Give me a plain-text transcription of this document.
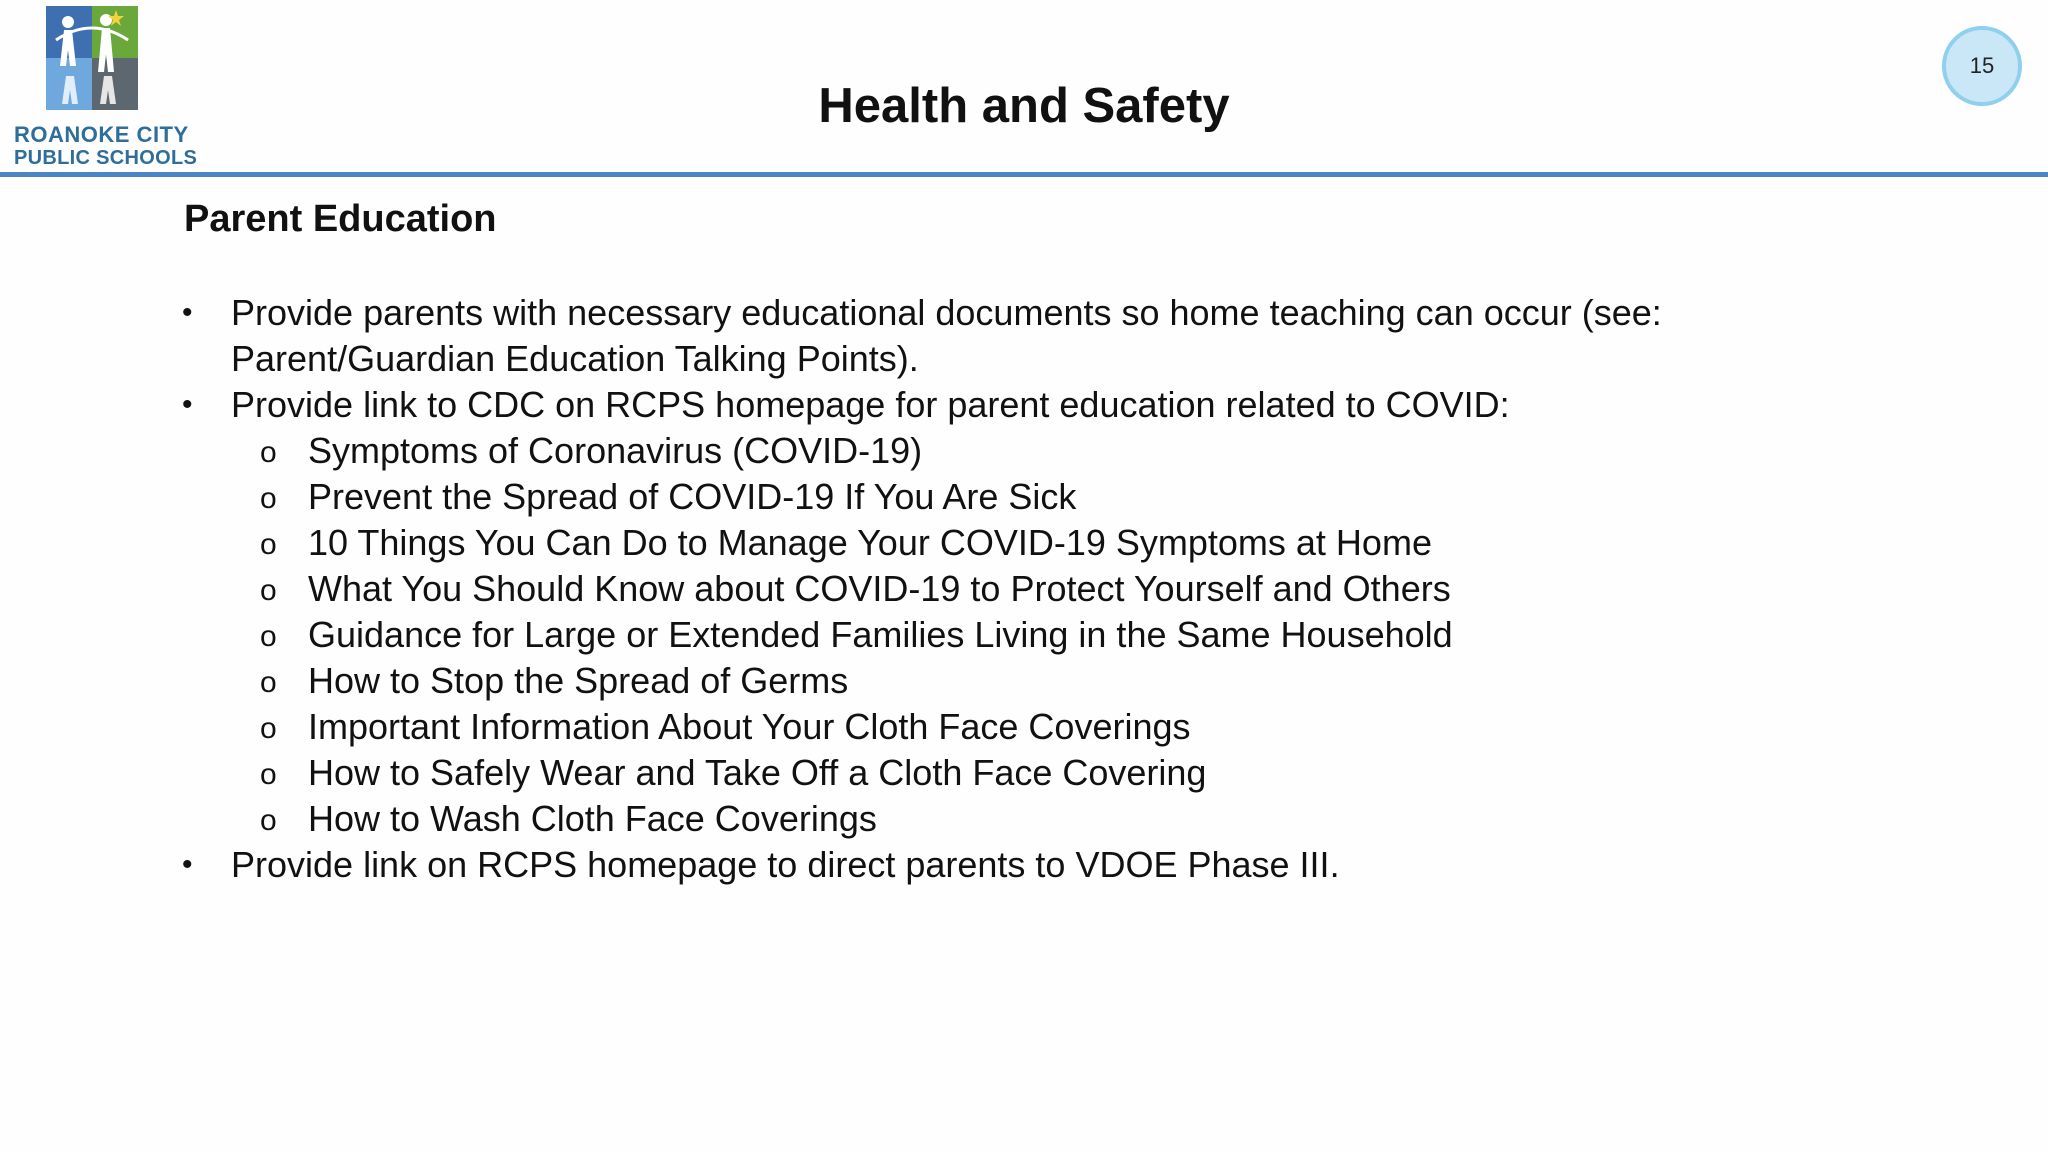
ROANOKE CITY
PUBLIC SCHOOLS
Health and Safety
15
Parent Education
• Provide parents with necessary educational documents so home teaching can occur (see:
Parent/Guardian Education Talking Points).
• Provide link to CDC on RCPS homepage for parent education related to COVID:
o Symptoms of Coronavirus (COVID-19)
o Prevent the Spread of COVID-19 If You Are Sick
o 10 Things You Can Do to Manage Your COVID-19 Symptoms at Home
o What You Should Know about COVID-19 to Protect Yourself and Others
o Guidance for Large or Extended Families Living in the Same Household
o How to Stop the Spread of Germs
o Important Information About Your Cloth Face Coverings
o How to Safely Wear and Take Off a Cloth Face Covering
o How to Wash Cloth Face Coverings
• Provide link on RCPS homepage to direct parents to VDOE Phase III.
